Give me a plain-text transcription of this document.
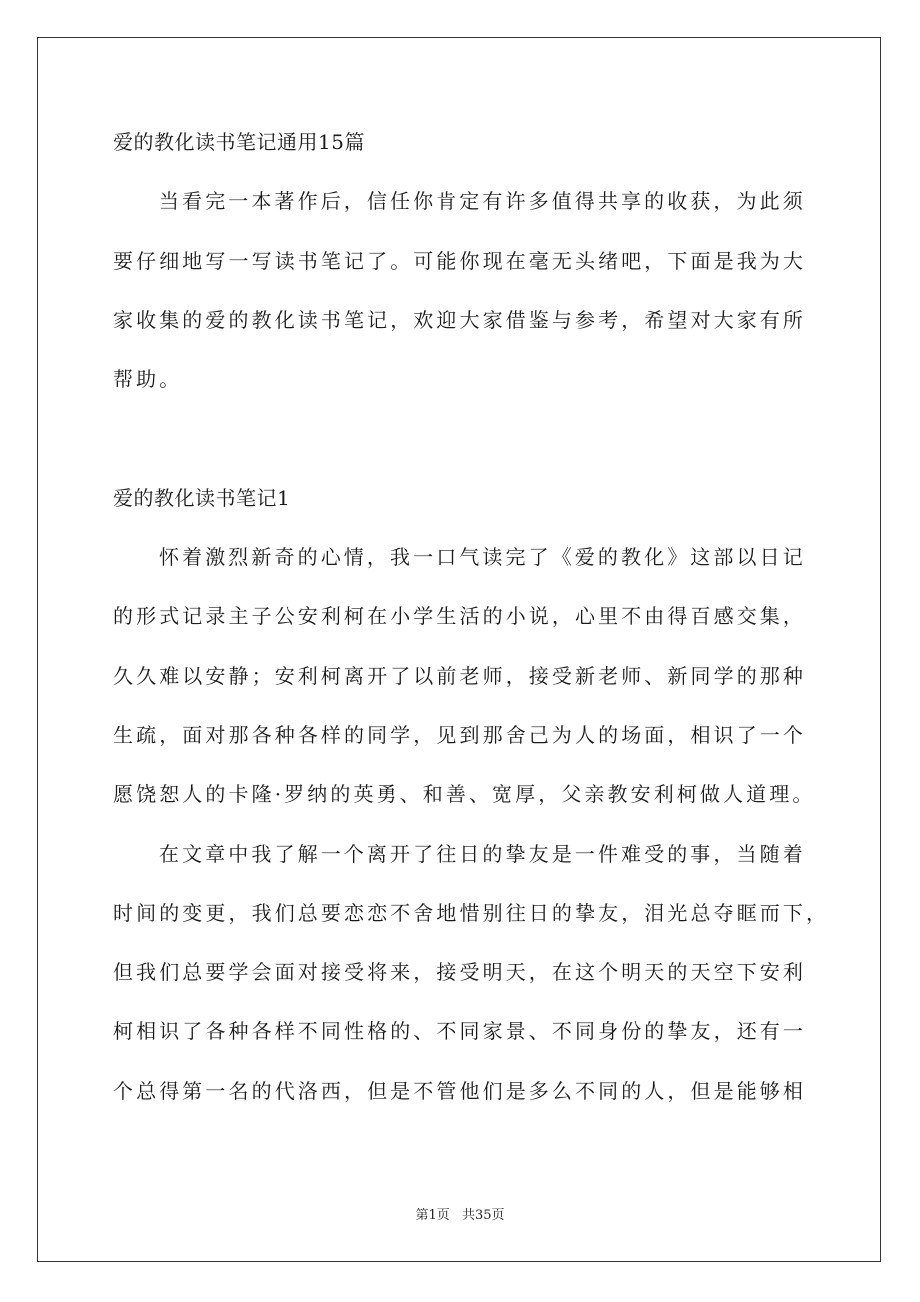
爱的教化读书笔记通用15篇
当看完一本著作后，信任你肯定有许多值得共享的收获，为此须
要仔细地写一写读书笔记了。可能你现在毫无头绪吧，下面是我为大
家收集的爱的教化读书笔记，欢迎大家借鉴与参考，希望对大家有所
帮助。
爱的教化读书笔记1
怀着激烈新奇的心情，我一口气读完了《爱的教化》这部以日记
的形式记录主子公安利柯在小学生活的小说，心里不由得百感交集，
久久难以安静；安利柯离开了以前老师，接受新老师、新同学的那种
生疏，面对那各种各样的同学，见到那舍己为人的场面，相识了一个
愿饶恕人的卡隆·罗纳的英勇、和善、宽厚，父亲教安利柯做人道理。
在文章中我了解一个离开了往日的挚友是一件难受的事，当随着
时间的变更，我们总要恋恋不舍地惜别往日的挚友，泪光总夺眶而下，
但我们总要学会面对接受将来，接受明天，在这个明天的天空下安利
柯相识了各种各样不同性格的、不同家景、不同身份的挚友，还有一
个总得第一名的代洛西，但是不管他们是多么不同的人，但是能够相
第1页 共35页
